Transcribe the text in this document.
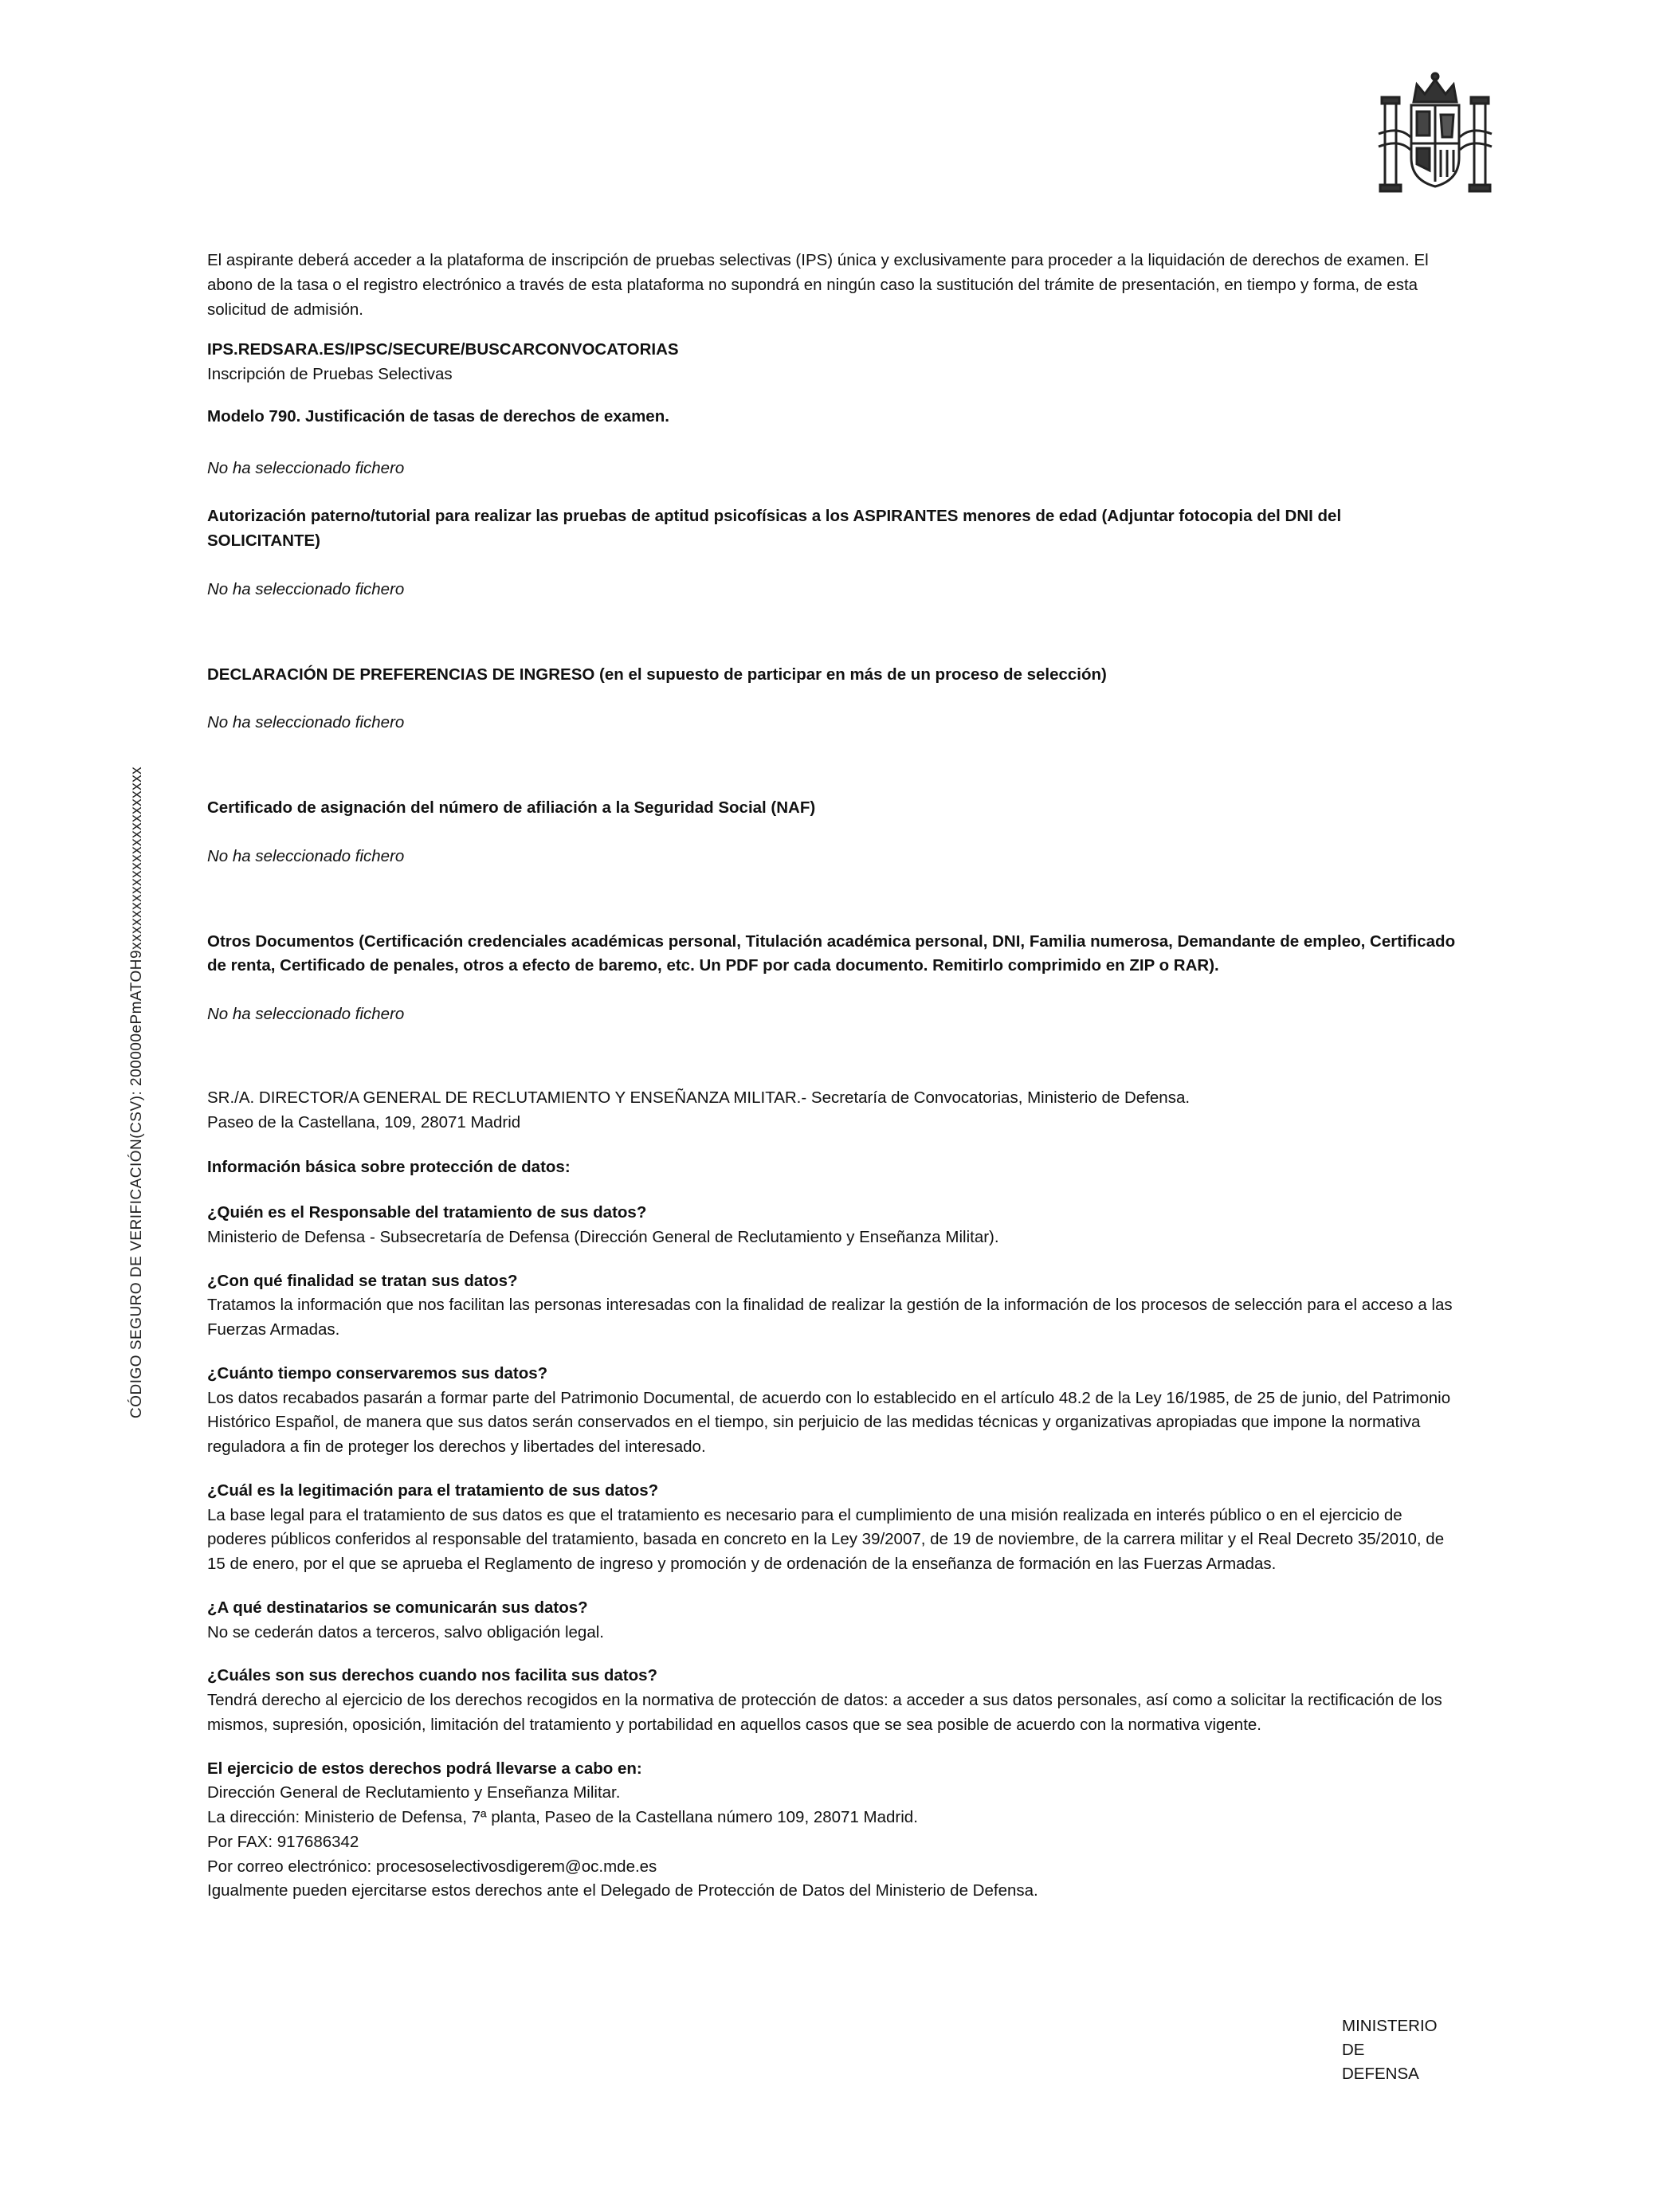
CÓDIGO SEGURO DE VERIFICACIÓN(CSV): 200000ePmATOH9xxxxxxxxxxxxxxxxxxxxxxx

El aspirante deberá acceder a la plataforma de inscripción de pruebas selectivas (IPS) única y exclusivamente para proceder a la liquidación de derechos de examen. El abono de la tasa o el registro electrónico a través de esta plataforma no supondrá en ningún caso la sustitución del trámite de presentación, en tiempo y forma, de esta solicitud de admisión.

IPS.REDSARA.ES/IPSC/SECURE/BUSCARCONVOCATORIAS
Inscripción de Pruebas Selectivas
Modelo 790. Justificación de tasas de derechos de examen.
No ha seleccionado fichero
Autorización paterno/tutorial para realizar las pruebas de aptitud psicofísicas a los ASPIRANTES menores de edad (Adjuntar fotocopia del DNI del SOLICITANTE)
No ha seleccionado fichero
DECLARACIÓN DE PREFERENCIAS DE INGRESO (en el supuesto de participar en más de un proceso de selección)
No ha seleccionado fichero
Certificado de asignación del número de afiliación a la Seguridad Social (NAF)
No ha seleccionado fichero
Otros Documentos (Certificación credenciales académicas personal, Titulación académica personal, DNI, Familia numerosa, Demandante de empleo, Certificado de renta, Certificado de penales, otros a efecto de baremo, etc. Un PDF por cada documento. Remitirlo comprimido en ZIP o RAR).
No ha seleccionado fichero
SR./A. DIRECTOR/A GENERAL DE RECLUTAMIENTO Y ENSEÑANZA MILITAR.- Secretaría de Convocatorias, Ministerio de Defensa.
Paseo de la Castellana, 109, 28071 Madrid
Información básica sobre protección de datos:
¿Quién es el Responsable del tratamiento de sus datos?
Ministerio de Defensa - Subsecretaría de Defensa (Dirección General de Reclutamiento y Enseñanza Militar).
¿Con qué finalidad se tratan sus datos?
Tratamos la información que nos facilitan las personas interesadas con la finalidad de realizar la gestión de la información de los procesos de selección para el acceso a las Fuerzas Armadas.
¿Cuánto tiempo conservaremos sus datos?
Los datos recabados pasarán a formar parte del Patrimonio Documental, de acuerdo con lo establecido en el artículo 48.2 de la Ley 16/1985, de 25 de junio, del Patrimonio Histórico Español, de manera que sus datos serán conservados en el tiempo, sin perjuicio de las medidas técnicas y organizativas apropiadas que impone la normativa reguladora a fin de proteger los derechos y libertades del interesado.
¿Cuál es la legitimación para el tratamiento de sus datos?
La base legal para el tratamiento de sus datos es que el tratamiento es necesario para el cumplimiento de una misión realizada en interés público o en el ejercicio de poderes públicos conferidos al responsable del tratamiento, basada en concreto en la Ley 39/2007, de 19 de noviembre, de la carrera militar y el Real Decreto 35/2010, de 15 de enero, por el que se aprueba el Reglamento de ingreso y promoción y de ordenación de la enseñanza de formación en las Fuerzas Armadas.
¿A qué destinatarios se comunicarán sus datos?
No se cederán datos a terceros, salvo obligación legal.
¿Cuáles son sus derechos cuando nos facilita sus datos?
Tendrá derecho al ejercicio de los derechos recogidos en la normativa de protección de datos: a acceder a sus datos personales, así como a solicitar la rectificación de los mismos, supresión, oposición, limitación del tratamiento y portabilidad en aquellos casos que se sea posible de acuerdo con la normativa vigente.
El ejercicio de estos derechos podrá llevarse a cabo en:
Dirección General de Reclutamiento y Enseñanza Militar.
La dirección: Ministerio de Defensa, 7ª planta, Paseo de la Castellana número 109, 28071 Madrid.
Por FAX: 917686342
Por correo electrónico: procesoselectivosdigerem@oc.mde.es
Igualmente pueden ejercitarse estos derechos ante el Delegado de Protección de Datos del Ministerio de Defensa.
MINISTERIO
DE
DEFENSA
